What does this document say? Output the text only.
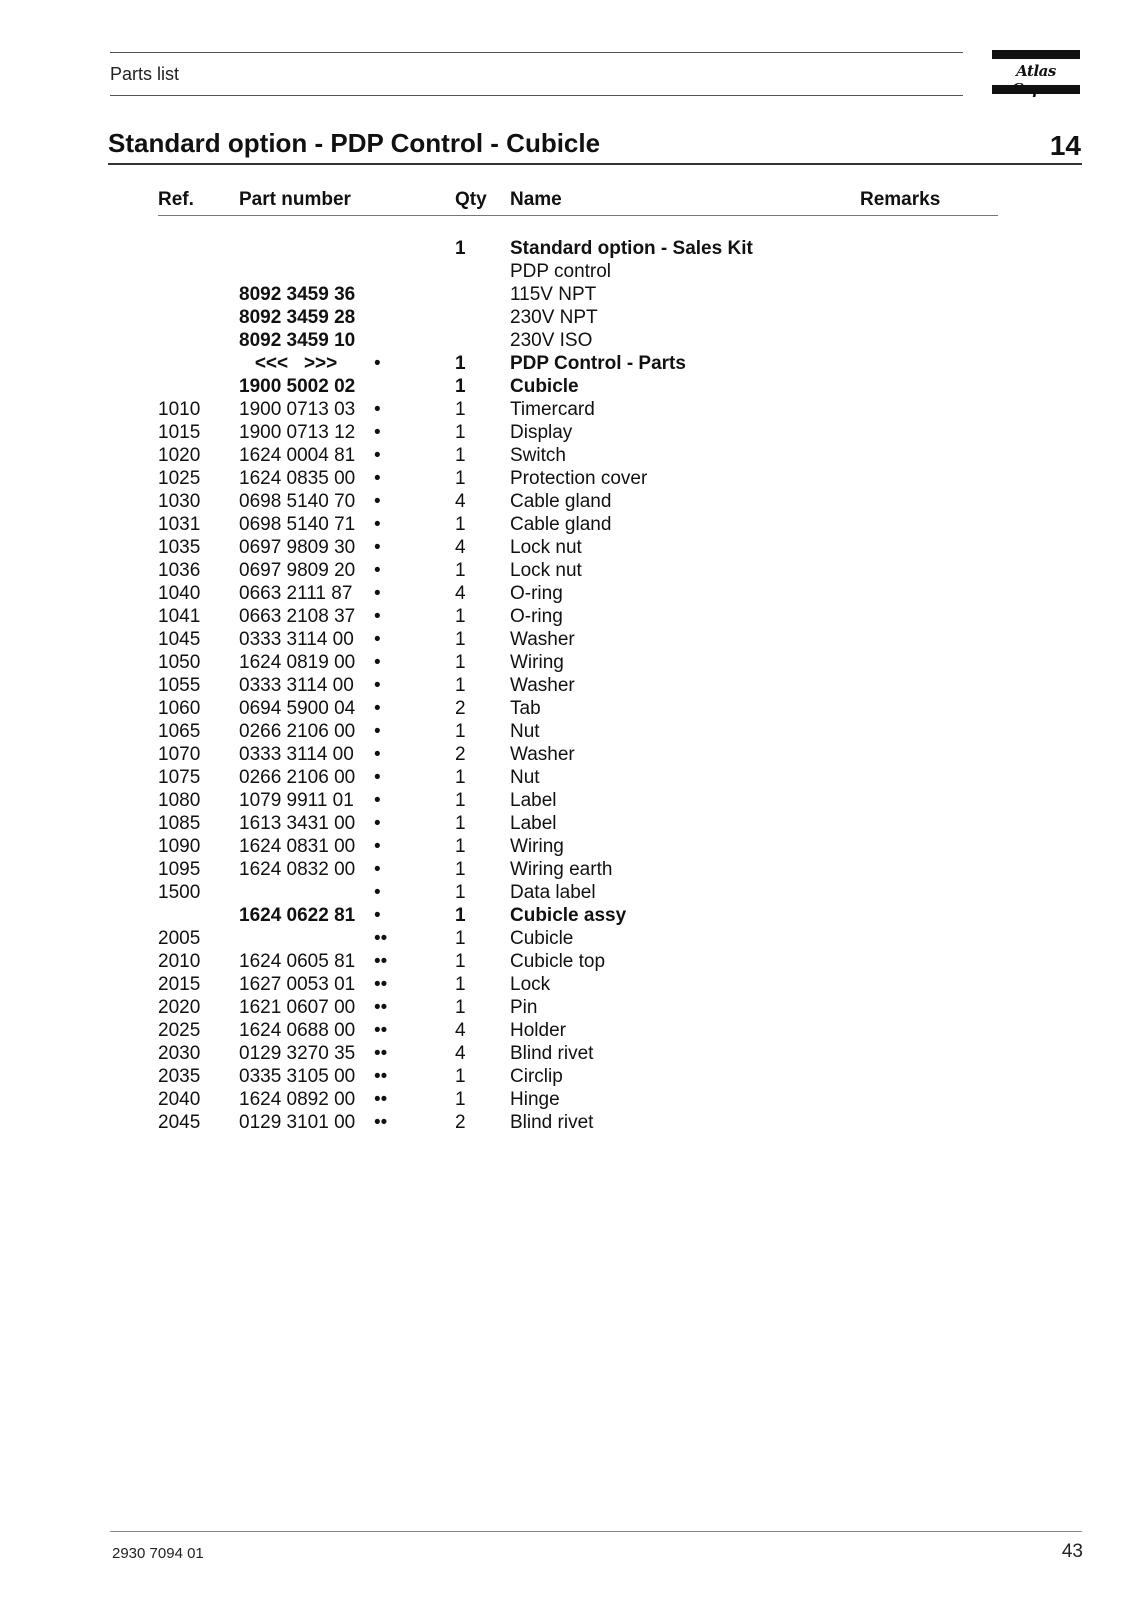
Parts list	Atlas
Standard option - PDP Control - Cubicle	14
Ref. Part number	Qty Name	Remarks
1 Standard option - Sales Kit
PDP control
8092 3459 36	115V NPT
8092 3459 28	230V NPT
8092 3459 10	230V ISO
<<<   >>> •	1 PDP Control - Parts
1900 5002 02	1 Cubicle
1010 1900 0713 03 •	1 Timercard
1015 1900 0713 12 •	1 Display
1020 1624 0004 81 •	1 Switch
1025 1624 0835 00 •	1 Protection cover
1030 0698 5140 70 •	4 Cable gland
1031 0698 5140 71 •	1 Cable gland
1035 0697 9809 30 •	4 Lock nut
1036 0697 9809 20 •	1 Lock nut
1040 0663 2111 87 •	4 O-ring
1041 0663 2108 37 •	1 O-ring
1045 0333 3114 00 •	1 Washer
1050 1624 0819 00 •	1 Wiring
1055 0333 3114 00 •	1 Washer
1060 0694 5900 04 •	2 Tab
1065 0266 2106 00 •	1 Nut
1070 0333 3114 00 •	2 Washer
1075 0266 2106 00 •	1 Nut
1080 1079 9911 01 •	1 Label
1085 1613 3431 00 •	1 Label
1090 1624 0831 00 •	1 Wiring
1095 1624 0832 00 •	1 Wiring earth
1500	•	1 Data label
1624 0622 81 •	1 Cubicle assy
2005	••	1 Cubicle
2010 1624 0605 81 ••	1 Cubicle top
2015 1627 0053 01 ••	1 Lock
2020 1621 0607 00 ••	1 Pin
2025 1624 0688 00 ••	4 Holder
2030 0129 3270 35 ••	4 Blind rivet
2035 0335 3105 00 ••	1 Circlip
2040 1624 0892 00 ••	1 Hinge
2045 0129 3101 00 ••	2 Blind rivet
2930 7094 01	43
